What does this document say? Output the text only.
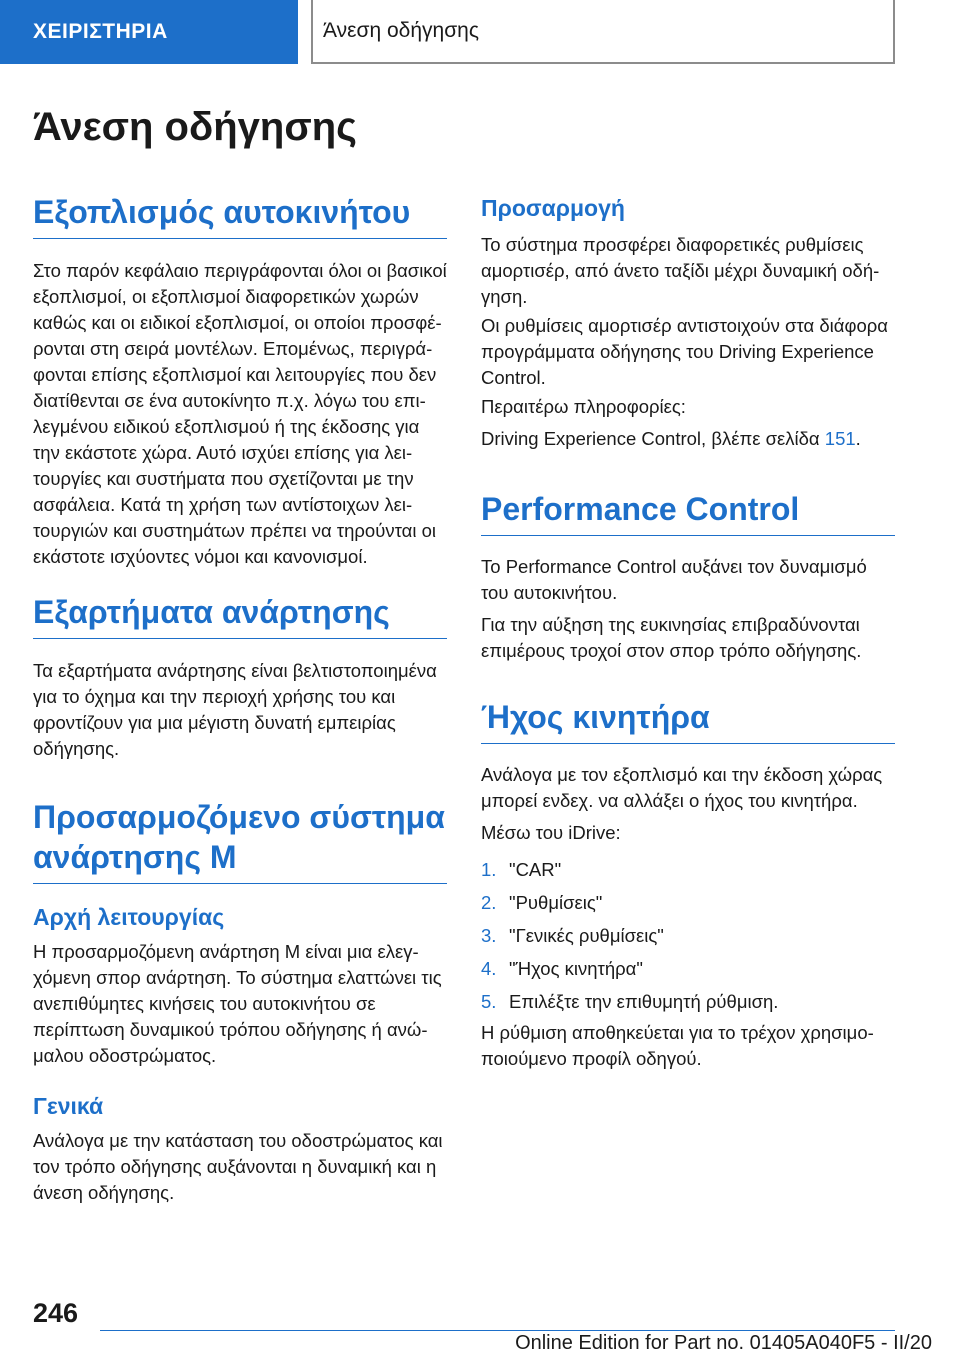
ΧΕΙΡΙΣΤΗΡΙΑ	Άνεση οδήγησης
Άνεση οδήγησης
Εξοπλισμός αυτοκινήτου

Στο παρόν κεφάλαιο περιγράφονται όλοι οι βασικοί εξοπλισμοί, οι εξοπλισμοί διαφορετικών χωρών καθώς και οι ειδικοί εξοπλισμοί, οι οποίοι προσφέρονται στη σειρά μοντέλων. Επομένως, περιγράφονται επίσης εξοπλισμοί και λειτουργίες που δεν διατίθενται σε ένα αυτοκίνητο π.χ. λόγω του επιλεγμένου ειδικού εξοπλισμού ή της έκδοσης για την εκάστοτε χώρα. Αυτό ισχύει επίσης για λειτουργίες και συστήματα που σχετίζονται με την ασφάλεια. Κατά τη χρήση των αντίστοιχων λειτουργιών και συστημάτων πρέπει να τηρούνται οι εκάστοτε ισχύοντες νόμοι και κανονισμοί.

Εξαρτήματα ανάρτησης

Τα εξαρτήματα ανάρτησης είναι βελτιστοποιημένα για το όχημα και την περιοχή χρήσης του και φροντίζουν για μια μέγιστη δυνατή εμπειρίας οδήγησης.

Προσαρμοζόμενο σύστημα ανάρτησης M
Αρχή λειτουργίας

Η προσαρμοζόμενη ανάρτηση M είναι μια ελεγχόμενη σπορ ανάρτηση. Το σύστημα ελαττώνει τις ανεπιθύμητες κινήσεις του αυτοκινήτου σε περίπτωση δυναμικού τρόπου οδήγησης ή ανώμαλου οδοστρώματος.

Γενικά

Ανάλογα με την κατάσταση του οδοστρώματος και τον τρόπο οδήγησης αυξάνονται η δυναμική και η άνεση οδήγησης.

Προσαρμογή

Το σύστημα προσφέρει διαφορετικές ρυθμίσεις αμορτισέρ, από άνετο ταξίδι μέχρι δυναμική οδήγηση.

Οι ρυθμίσεις αμορτισέρ αντιστοιχούν στα διάφορα προγράμματα οδήγησης του Driving Experience Control.

Περαιτέρω πληροφορίες:

Driving Experience Control, βλέπε σελίδα 151.

Performance Control

Το Performance Control αυξάνει τον δυναμισμό του αυτοκινήτου.

Για την αύξηση της ευκινησίας επιβραδύνονται επιμέρους τροχοί στον σπορ τρόπο οδήγησης.

Ήχος κινητήρα

Ανάλογα με τον εξοπλισμό και την έκδοση χώρας μπορεί ενδεχ. να αλλάξει ο ήχος του κινητήρα.

Μέσω του iDrive:

1. "CAR"
2. "Ρυθμίσεις"
3. "Γενικές ρυθμίσεις"
4. "Ήχος κινητήρα"
5. Επιλέξτε την επιθυμητή ρύθμιση.

Η ρύθμιση αποθηκεύεται για το τρέχον χρησιμοποιούμενο προφίλ οδηγού.

246
Online Edition for Part no. 01405A040F5 - II/20
